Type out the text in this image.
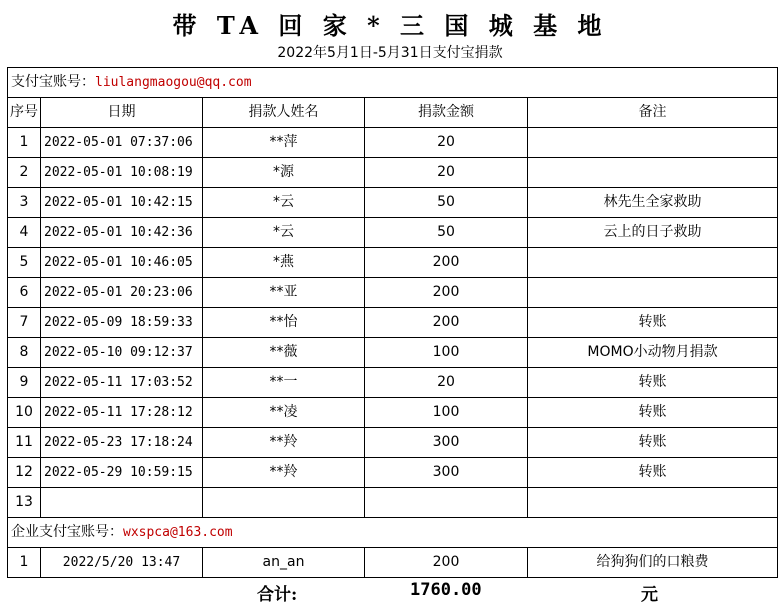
带 TA 回 家 * 三 国 城 基 地
2022年5月1日-5月31日支付宝捐款
支付宝账号：liulangmaogou@qq.com				
序号	日期	捐款人姓名	捐款金额	备注
1	2022-05-01 07:37:06	**萍	20	
2	2022-05-01 10:08:19	*源	20	
3	2022-05-01 10:42:15	*云	50	林先生全家救助
4	2022-05-01 10:42:36	*云	50	云上的日子救助
5	2022-05-01 10:46:05	*燕	200	
6	2022-05-01 20:23:06	**亚	200	
7	2022-05-09 18:59:33	**怡	200	转账
8	2022-05-10 09:12:37	**薇	100	MOMO小动物月捐款
9	2022-05-11 17:03:52	**一	20	转账
10	2022-05-11 17:28:12	**凌	100	转账
11	2022-05-23 17:18:24	**羚	300	转账
12	2022-05-29 10:59:15	**羚	300	转账
13				
企业支付宝账号：wxspca@163.com				
1	2022/5/20 13:47	an_an	200	给狗狗们的口粮费
合计:	1760.00	元
